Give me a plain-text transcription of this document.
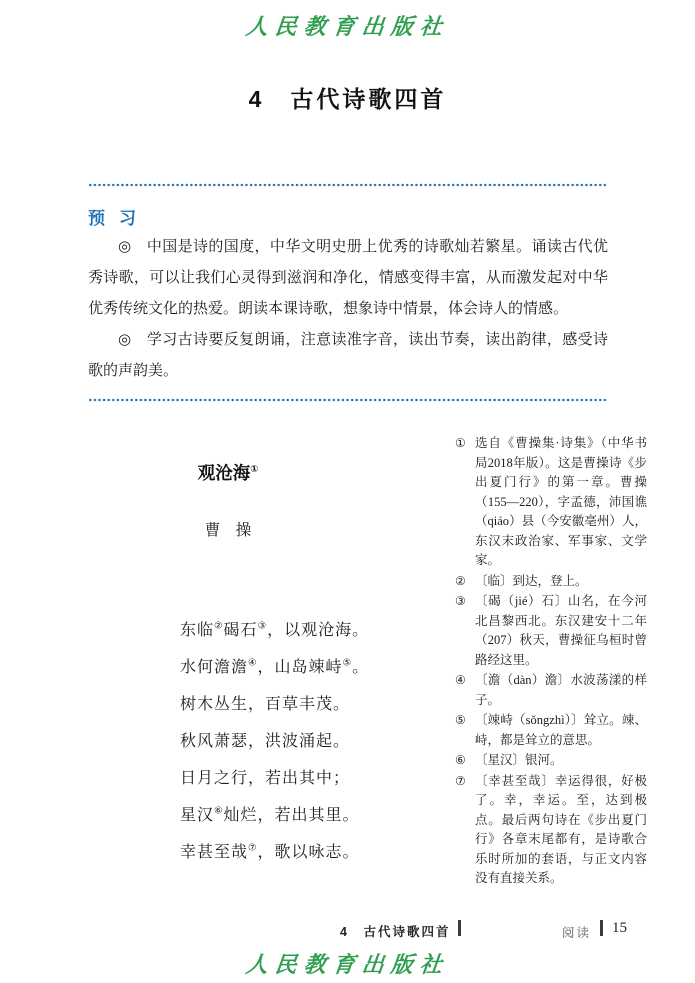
人民教育出版社
4　古代诗歌四首
预习

◎　中国是诗的国度，中华文明史册上优秀的诗歌灿若繁星。诵读古代优秀诗歌，可以让我们心灵得到滋润和净化，情感变得丰富，从而激发起对中华优秀传统文化的热爱。朗读本课诗歌，想象诗中情景，体会诗人的情感。

◎　学习古诗要反复朗诵，注意读准字音，读出节奏，读出韵律，感受诗歌的声韵美。

观沧海①
曹　操
东临②碣石③，以观沧海。
水何澹澹④，山岛竦峙⑤。
树木丛生，百草丰茂。
秋风萧瑟，洪波涌起。
日月之行，若出其中；
星汉⑥灿烂，若出其里。
幸甚至哉⑦，歌以咏志。
① 选自《曹操集·诗集》（中华书局2018年版）。这是曹操诗《步出夏门行》的第一章。曹操（155—220），字孟德，沛国谯（qiáo）县（今安徽亳州）人，东汉末政治家、军事家、文学家。
② 〔临〕到达，登上。
③ 〔碣（jié）石〕山名，在今河北昌黎西北。东汉建安十二年（207）秋天，曹操征乌桓时曾路经这里。
④ 〔澹（dàn）澹〕水波荡漾的样子。
⑤ 〔竦峙（sǒngzhì）〕耸立。竦、峙，都是耸立的意思。
⑥ 〔星汉〕银河。
⑦ 〔幸甚至哉〕幸运得很，好极了。幸，幸运。至，达到极点。最后两句诗在《步出夏门行》各章末尾都有，是诗歌合乐时所加的套语，与正文内容没有直接关系。
4　古代诗歌四首	阅读 15
人民教育出版社
